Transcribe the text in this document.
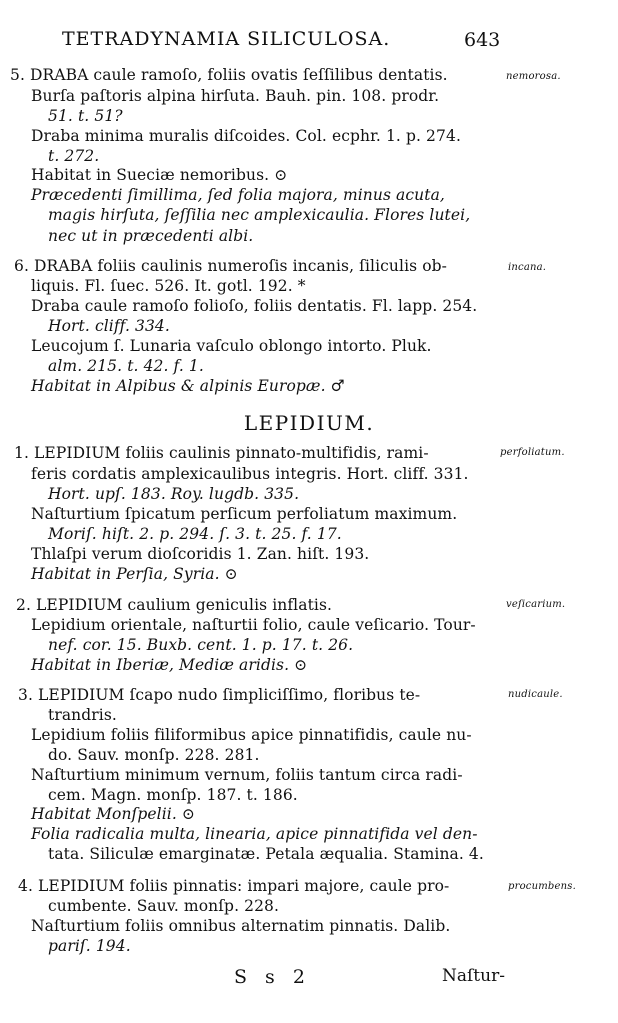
TETRADYNAMIA SILICULOSA.	643
5. DRABA caule ramoſo, foliis ovatis ſeſſilibus dentatis.	nemorosa.
Burſa paſtoris alpina hirſuta. Bauh. pin. 108. prodr.
51. t. 51?
Draba minima muralis diſcoides. Col. ecphr. 1. p. 274.
t. 272.
Habitat in Sueciæ nemoribus. ⊙
Præcedenti ſimillima, ſed folia majora, minus acuta,
magis hirſuta, ſeſſilia nec amplexicaulia. Flores lutei,
nec ut in præcedenti albi.
6. DRABA foliis caulinis numeroſis incanis, ſiliculis ob-	incana.
liquis. Fl. ſuec. 526. It. gotl. 192. *
Draba caule ramoſo folioſo, foliis dentatis. Fl. lapp. 254.
Hort. cliff. 334.
Leucojum ſ. Lunaria vaſculo oblongo intorto. Pluk.
alm. 215. t. 42. f. 1.
Habitat in Alpibus & alpinis Europæ. ♂
LEPIDIUM.
1. LEPIDIUM foliis caulinis pinnato-multifidis, rami-	perfoliatum.
feris cordatis amplexicaulibus integris. Hort. cliff. 331.
Hort. upſ. 183. Roy. lugdb. 335.
Naſturtium ſpicatum perſicum perfoliatum maximum.
Moriſ. hiſt. 2. p. 294. ſ. 3. t. 25. f. 17.
Thlaſpi verum dioſcoridis 1. Zan. hiſt. 193.
Habitat in Perſia, Syria. ⊙
2. LEPIDIUM caulium geniculis inflatis.	veſicarium.
Lepidium orientale, naſturtii folio, caule veſicario. Tour-
nef. cor. 15. Buxb. cent. 1. p. 17. t. 26.
Habitat in Iberiæ, Mediæ aridis. ⊙
3. LEPIDIUM ſcapo nudo ſimpliciſſimo, floribus te-	nudicaule.
trandris.
Lepidium foliis filiformibus apice pinnatifidis, caule nu-
do. Sauv. monſp. 228. 281.
Naſturtium minimum vernum, foliis tantum circa radi-
cem. Magn. monſp. 187. t. 186.
Habitat Monſpelii. ⊙
Folia radicalia multa, linearia, apice pinnatifida vel den-
tata. Siliculæ emarginatæ. Petala æqualia. Stamina. 4.
4. LEPIDIUM foliis pinnatis: impari majore, caule pro-	procumbens.
cumbente. Sauv. monſp. 228.
Naſturtium foliis omnibus alternatim pinnatis. Dalib.
pariſ. 194.
S s 2	Naſtur-
